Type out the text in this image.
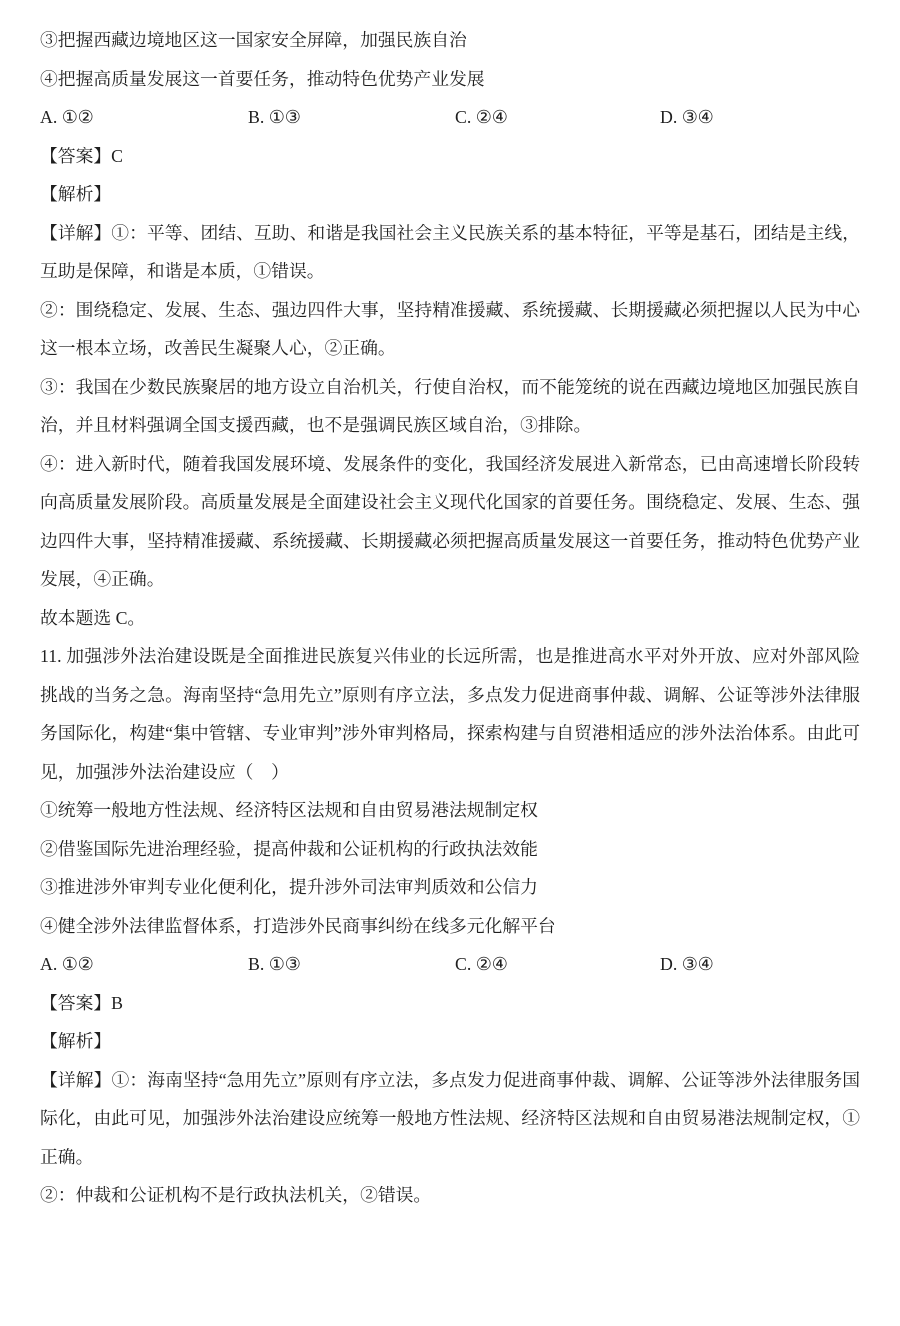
③把握西藏边境地区这一国家安全屏障，加强民族自治

④把握高质量发展这一首要任务，推动特色优势产业发展

A. ①②	B. ①③	C. ②④	D. ③④

【答案】C

【解析】

【详解】①：平等、团结、互助、和谐是我国社会主义民族关系的基本特征，平等是基石，团结是主线，互助是保障，和谐是本质，①错误。

②：围绕稳定、发展、生态、强边四件大事，坚持精准援藏、系统援藏、长期援藏必须把握以人民为中心这一根本立场，改善民生凝聚人心，②正确。

③：我国在少数民族聚居的地方设立自治机关，行使自治权，而不能笼统的说在西藏边境地区加强民族自治，并且材料强调全国支援西藏，也不是强调民族区域自治，③排除。

④：进入新时代，随着我国发展环境、发展条件的变化，我国经济发展进入新常态，已由高速增长阶段转向高质量发展阶段。高质量发展是全面建设社会主义现代化国家的首要任务。围绕稳定、发展、生态、强边四件大事，坚持精准援藏、系统援藏、长期援藏必须把握高质量发展这一首要任务，推动特色优势产业发展，④正确。

故本题选 C。

11. 加强涉外法治建设既是全面推进民族复兴伟业的长远所需，也是推进高水平对外开放、应对外部风险挑战的当务之急。海南坚持“急用先立”原则有序立法，多点发力促进商事仲裁、调解、公证等涉外法律服务国际化，构建“集中管辖、专业审判”涉外审判格局，探索构建与自贸港相适应的涉外法治体系。由此可见，加强涉外法治建设应（　）

①统筹一般地方性法规、经济特区法规和自由贸易港法规制定权

②借鉴国际先进治理经验，提高仲裁和公证机构的行政执法效能

③推进涉外审判专业化便利化，提升涉外司法审判质效和公信力

④健全涉外法律监督体系，打造涉外民商事纠纷在线多元化解平台

A. ①②	B. ①③	C. ②④	D. ③④

【答案】B

【解析】

【详解】①：海南坚持“急用先立”原则有序立法，多点发力促进商事仲裁、调解、公证等涉外法律服务国际化，由此可见，加强涉外法治建设应统筹一般地方性法规、经济特区法规和自由贸易港法规制定权，①正确。

②：仲裁和公证机构不是行政执法机关，②错误。
